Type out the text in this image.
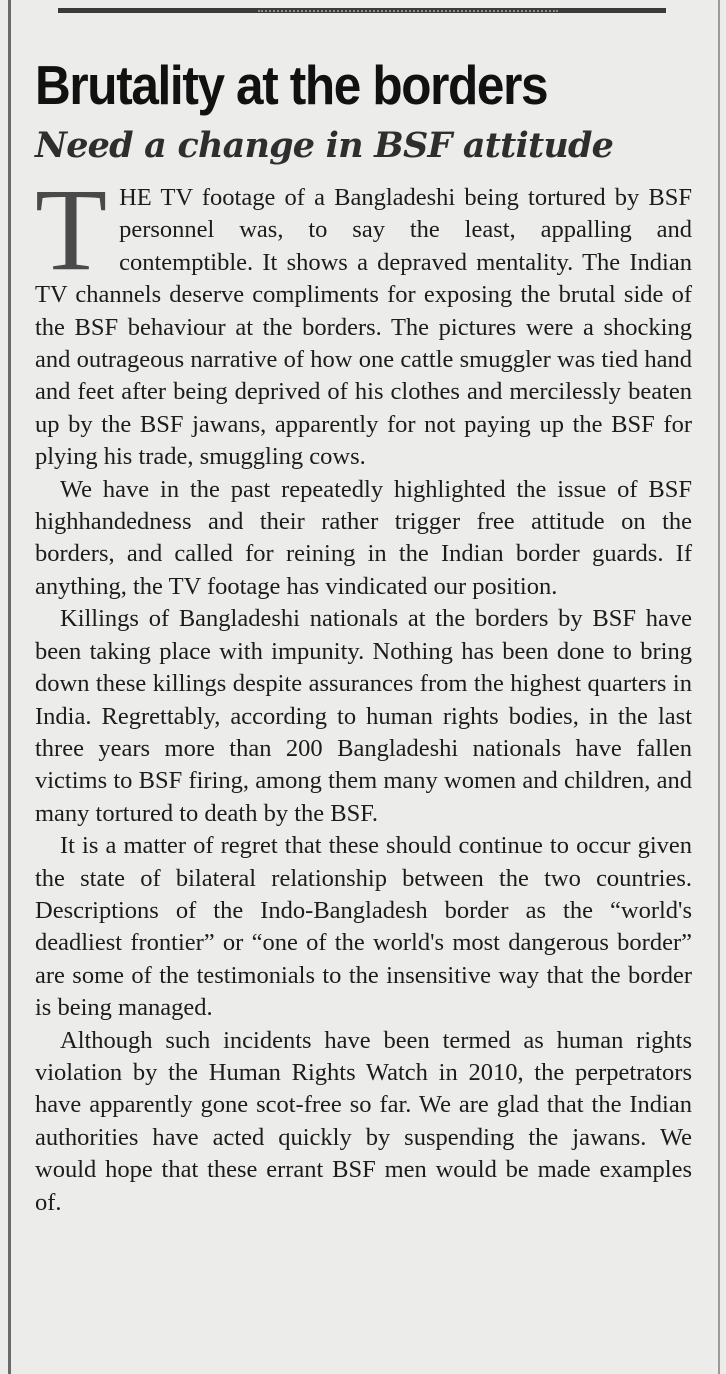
Brutality at the borders
Need a change in BSF attitude

THE TV footage of a Bangladeshi being tortured by BSF personnel was, to say the least, appalling and contemptible. It shows a depraved mentality. The Indian TV channels deserve compliments for exposing the brutal side of the BSF behaviour at the borders. The pictures were a shocking and outrageous narrative of how one cattle smuggler was tied hand and feet after being deprived of his clothes and mercilessly beaten up by the BSF jawans, apparently for not paying up the BSF for plying his trade, smuggling cows.

We have in the past repeatedly highlighted the issue of BSF highhandedness and their rather trigger free attitude on the borders, and called for reining in the Indian border guards. If anything, the TV footage has vindicated our position.

Killings of Bangladeshi nationals at the borders by BSF have been taking place with impunity. Nothing has been done to bring down these killings despite assurances from the highest quarters in India. Regrettably, according to human rights bodies, in the last three years more than 200 Bangladeshi nationals have fallen victims to BSF firing, among them many women and children, and many tortured to death by the BSF.

It is a matter of regret that these should continue to occur given the state of bilateral relationship between the two countries. Descriptions of the Indo-Bangladesh border as the “world's deadliest frontier” or “one of the world's most dangerous border” are some of the testimonials to the insensitive way that the border is being managed.

Although such incidents have been termed as human rights violation by the Human Rights Watch in 2010, the perpetrators have apparently gone scot-free so far. We are glad that the Indian authorities have acted quickly by suspending the jawans. We would hope that these errant BSF men would be made examples of.
